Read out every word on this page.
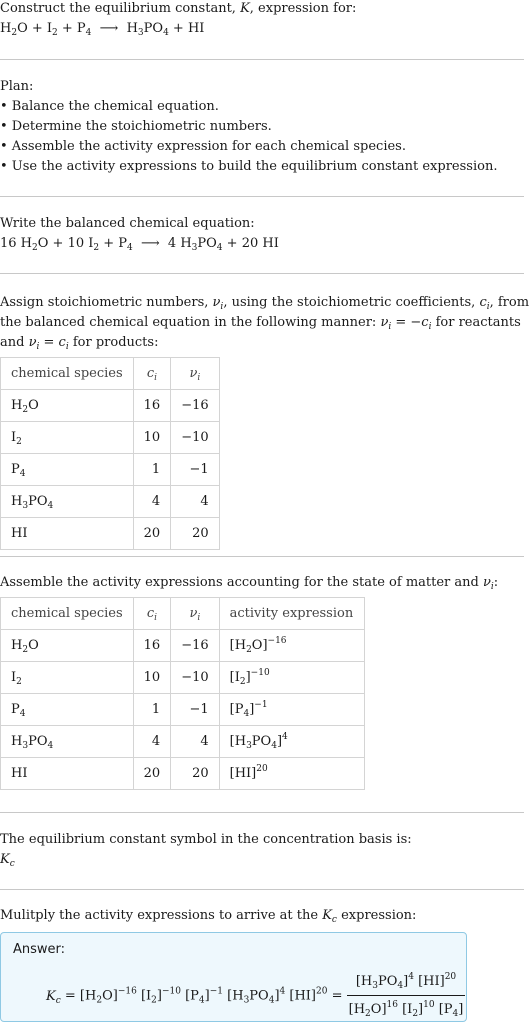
Construct the equilibrium constant, K, expression for:
$H_2O + I_2 + P_4$  ⟶  $H_3PO_4$ + HI
Plan:
• Balance the chemical equation.
• Determine the stoichiometric numbers.
• Assemble the activity expression for each chemical species.
• Use the activity expressions to build the equilibrium constant expression.
Write the balanced chemical equation:
16 $H_2O + 10$ $I_2 + P_4$  ⟶  4 $H_3PO_4 + 20$ HI
Assign stoichiometric numbers, $\nu_i$, using the stoichiometric coefficients, $c_i$, from
the balanced chemical equation in the following manner: $\nu_i = -c_i$ for reactants
and $\nu_i = c_i$ for products:
chemical species	$c_i$	$\nu_i$
$H_2O$	16	−16
$I_2$	10	−10
$P_4$	1	−1
$H_3PO_4$	4	4
HI	20	20
Assemble the activity expressions accounting for the state of matter and $\nu_i$:
chemical species	$c_i$	$\nu_i$	activity expression
$H_2O$	16	−16	$[H_2O]^{-16}$
$I_2$	10	−10	$[I_2]^{-10}$
$P_4$	1	−1	$[P_4]^{-1}$
$H_3PO_4$	4	4	$[H_3PO_4]^4$
HI	20	20	[HI]$^{20}$
The equilibrium constant symbol in the concentration basis is:
$K_c$
Mulitply the activity expressions to arrive at the $K_c$ expression:
Answer:
$K_c = [H_2O]^{-16}$ $[I_2]^{-10}$ $[P_4]^{-1}$ $[H_3PO_4]^4$ $[HI]^{20} = \frac{[H_3PO_4]^4 [HI]^{20}}{[H_2O]^{16} [I_2]^{10} [P_4]}$
